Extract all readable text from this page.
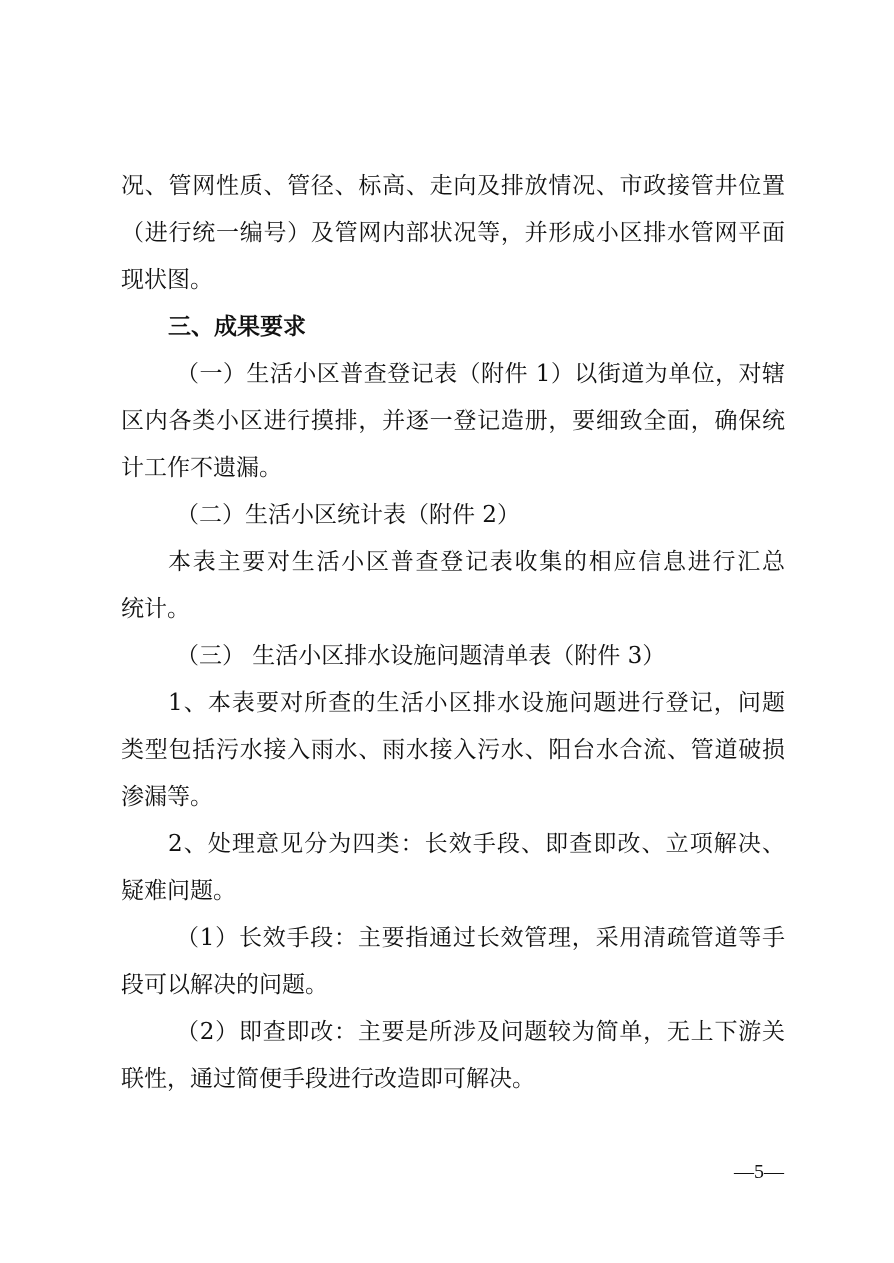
况、管网性质、管径、标高、走向及排放情况、市政接管井位置
（进行统一编号）及管网内部状况等，并形成小区排水管网平面
现状图。
三、成果要求
（一）生活小区普查登记表（附件 1）以街道为单位，对辖
区内各类小区进行摸排，并逐一登记造册，要细致全面，确保统
计工作不遗漏。
（二）生活小区统计表（附件 2）
本表主要对生活小区普查登记表收集的相应信息进行汇总
统计。
（三） 生活小区排水设施问题清单表（附件 3）
1、本表要对所查的生活小区排水设施问题进行登记，问题
类型包括污水接入雨水、雨水接入污水、阳台水合流、管道破损
渗漏等。
2、处理意见分为四类：长效手段、即查即改、立项解决、
疑难问题。
（1）长效手段：主要指通过长效管理，采用清疏管道等手
段可以解决的问题。
（2）即查即改：主要是所涉及问题较为简单，无上下游关
联性，通过简便手段进行改造即可解决。
—5—
